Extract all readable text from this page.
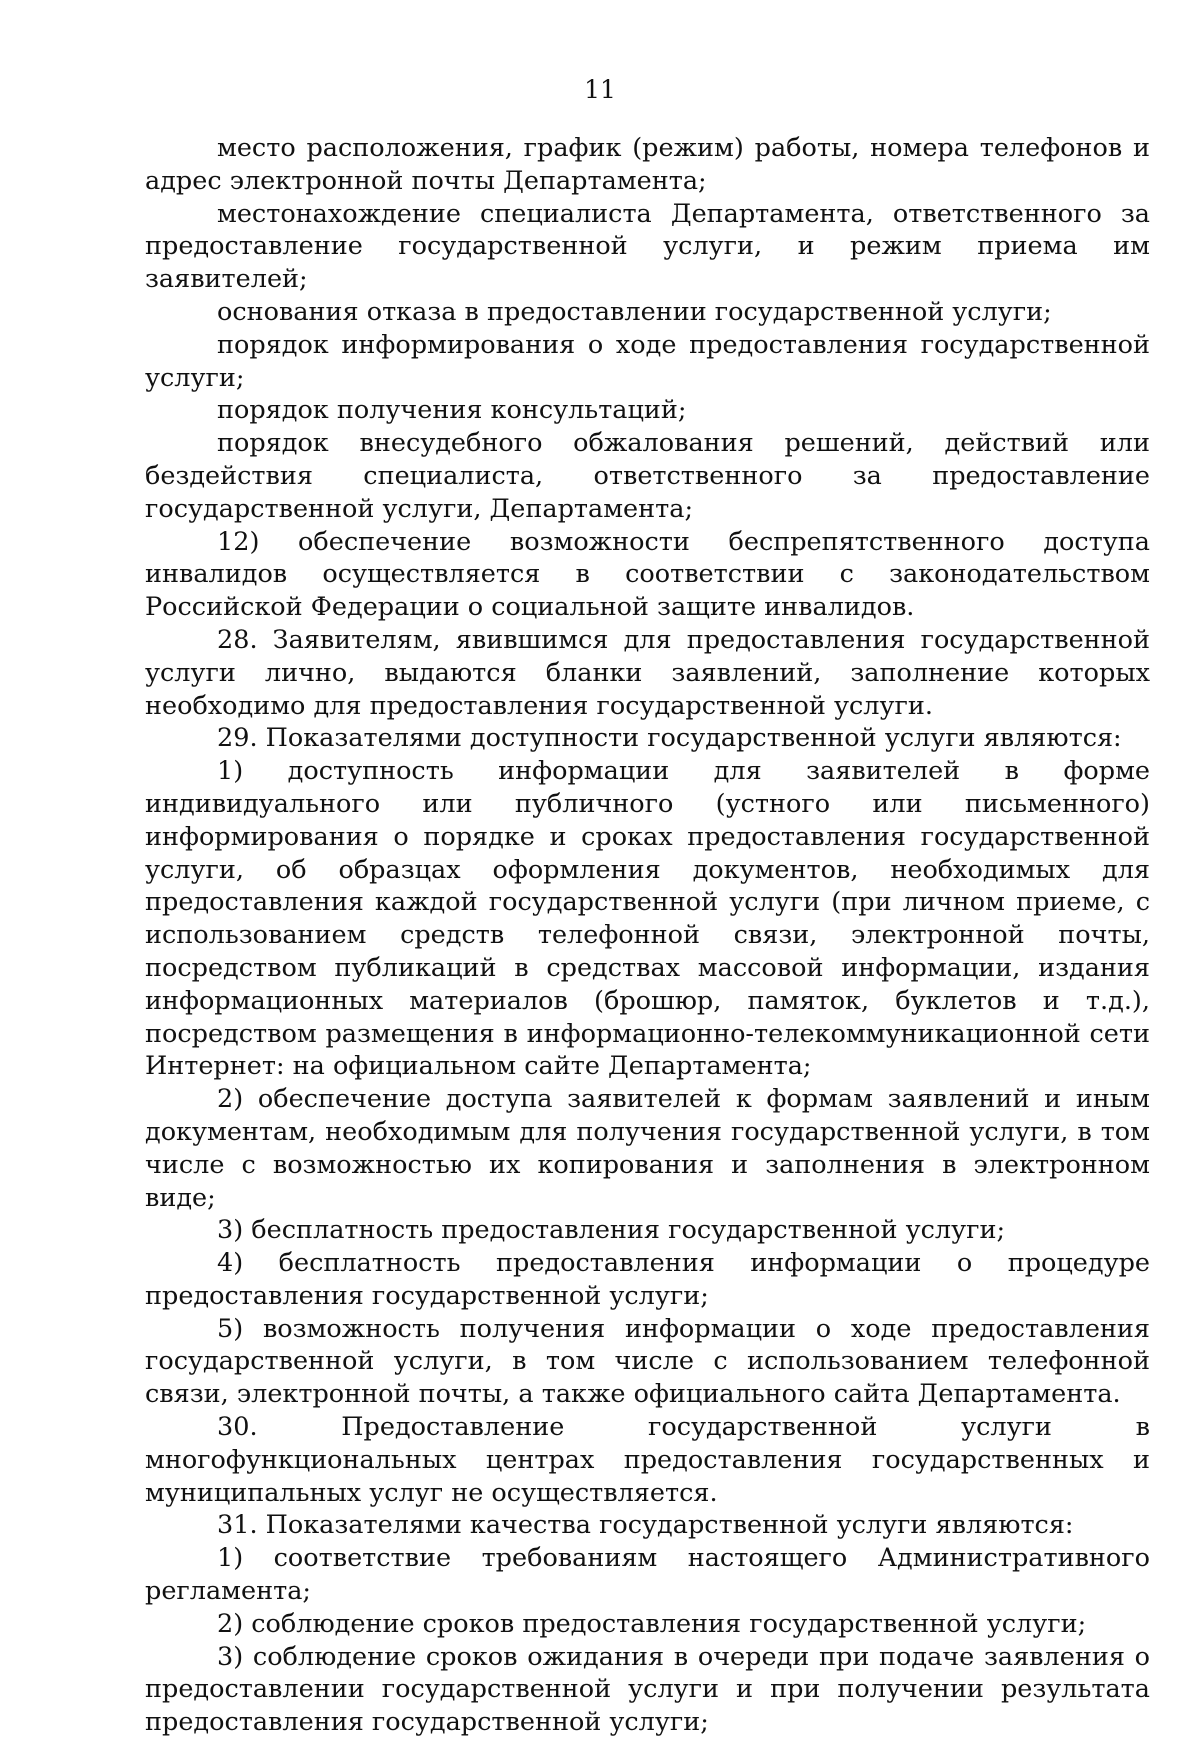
11

место расположения, график (режим) работы, номера телефонов и адрес электронной почты Департамента;

местонахождение специалиста Департамента, ответственного за предоставление государственной услуги, и режим приема им заявителей;

основания отказа в предоставлении государственной услуги;

порядок информирования о ходе предоставления государственной услуги;

порядок получения консультаций;

порядок внесудебного обжалования решений, действий или бездействия специалиста, ответственного за предоставление государственной услуги, Департамента;

12) обеспечение возможности беспрепятственного доступа инвалидов осуществляется в соответствии с законодательством Российской Федерации о социальной защите инвалидов.

28. Заявителям, явившимся для предоставления государственной услуги лично, выдаются бланки заявлений, заполнение которых необходимо для предоставления государственной услуги.

29. Показателями доступности государственной услуги являются:

1) доступность информации для заявителей в форме индивидуального или публичного (устного или письменного) информирования о порядке и сроках предоставления государственной услуги, об образцах оформления документов, необходимых для предоставления каждой государственной услуги (при личном приеме, с использованием средств телефонной связи, электронной почты, посредством публикаций в средствах массовой информации, издания информационных материалов (брошюр, памяток, буклетов и т.д.), посредством размещения в информационно-телекоммуникационной сети Интернет: на официальном сайте Департамента;

2) обеспечение доступа заявителей к формам заявлений и иным документам, необходимым для получения государственной услуги, в том числе с возможностью их копирования и заполнения в электронном виде;

3) бесплатность предоставления государственной услуги;

4) бесплатность предоставления информации о процедуре предоставления государственной услуги;

5) возможность получения информации о ходе предоставления государственной услуги, в том числе с использованием телефонной связи, электронной почты, а также официального сайта Департамента.

30. Предоставление государственной услуги в многофункциональных центрах предоставления государственных и муниципальных услуг не осуществляется.

31. Показателями качества государственной услуги являются:

1) соответствие требованиям настоящего Административного регламента;

2) соблюдение сроков предоставления государственной услуги;

3) соблюдение сроков ожидания в очереди при подаче заявления о предоставлении государственной услуги и при получении результата предоставления государственной услуги;
